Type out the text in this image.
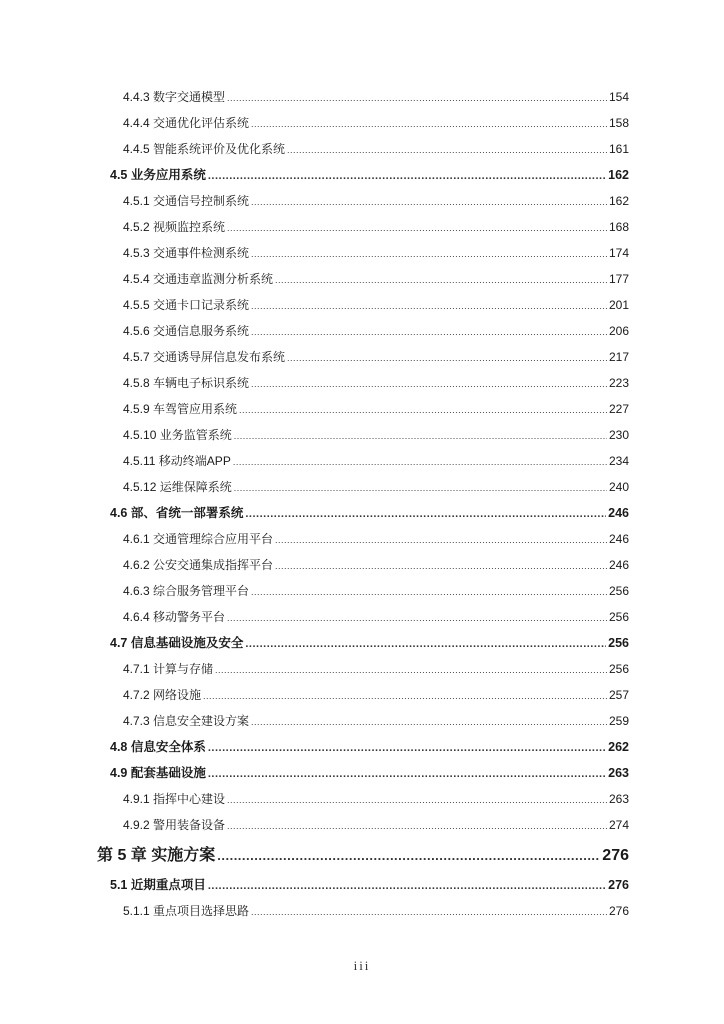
4.4.3 数字交通模型 .....	154
4.4.4 交通优化评估系统 .....	158
4.4.5 智能系统评价及优化系统 .....	161
4.5 业务应用系统 .....	162
4.5.1 交通信号控制系统 .....	162
4.5.2 视频监控系统 .....	168
4.5.3 交通事件检测系统 .....	174
4.5.4 交通违章监测分析系统 .....	177
4.5.5 交通卡口记录系统 .....	201
4.5.6 交通信息服务系统 .....	206
4.5.7 交通诱导屏信息发布系统 .....	217
4.5.8 车辆电子标识系统 .....	223
4.5.9 车驾管应用系统 .....	227
4.5.10 业务监管系统 .....	230
4.5.11 移动终端APP .....	234
4.5.12 运维保障系统 .....	240
4.6 部、省统一部署系统 .....	246
4.6.1 交通管理综合应用平台 .....	246
4.6.2 公安交通集成指挥平台 .....	246
4.6.3 综合服务管理平台 .....	256
4.6.4 移动警务平台 .....	256
4.7 信息基础设施及安全 .....	256
4.7.1 计算与存储 .....	256
4.7.2 网络设施 .....	257
4.7.3 信息安全建设方案 .....	259
4.8 信息安全体系 .....	262
4.9 配套基础设施 .....	263
4.9.1 指挥中心建设 .....	263
4.9.2 警用装备设备 .....	274
第 5 章 实施方案 .....	276
5.1 近期重点项目 .....	276
5.1.1 重点项目选择思路 .....	276
iii
